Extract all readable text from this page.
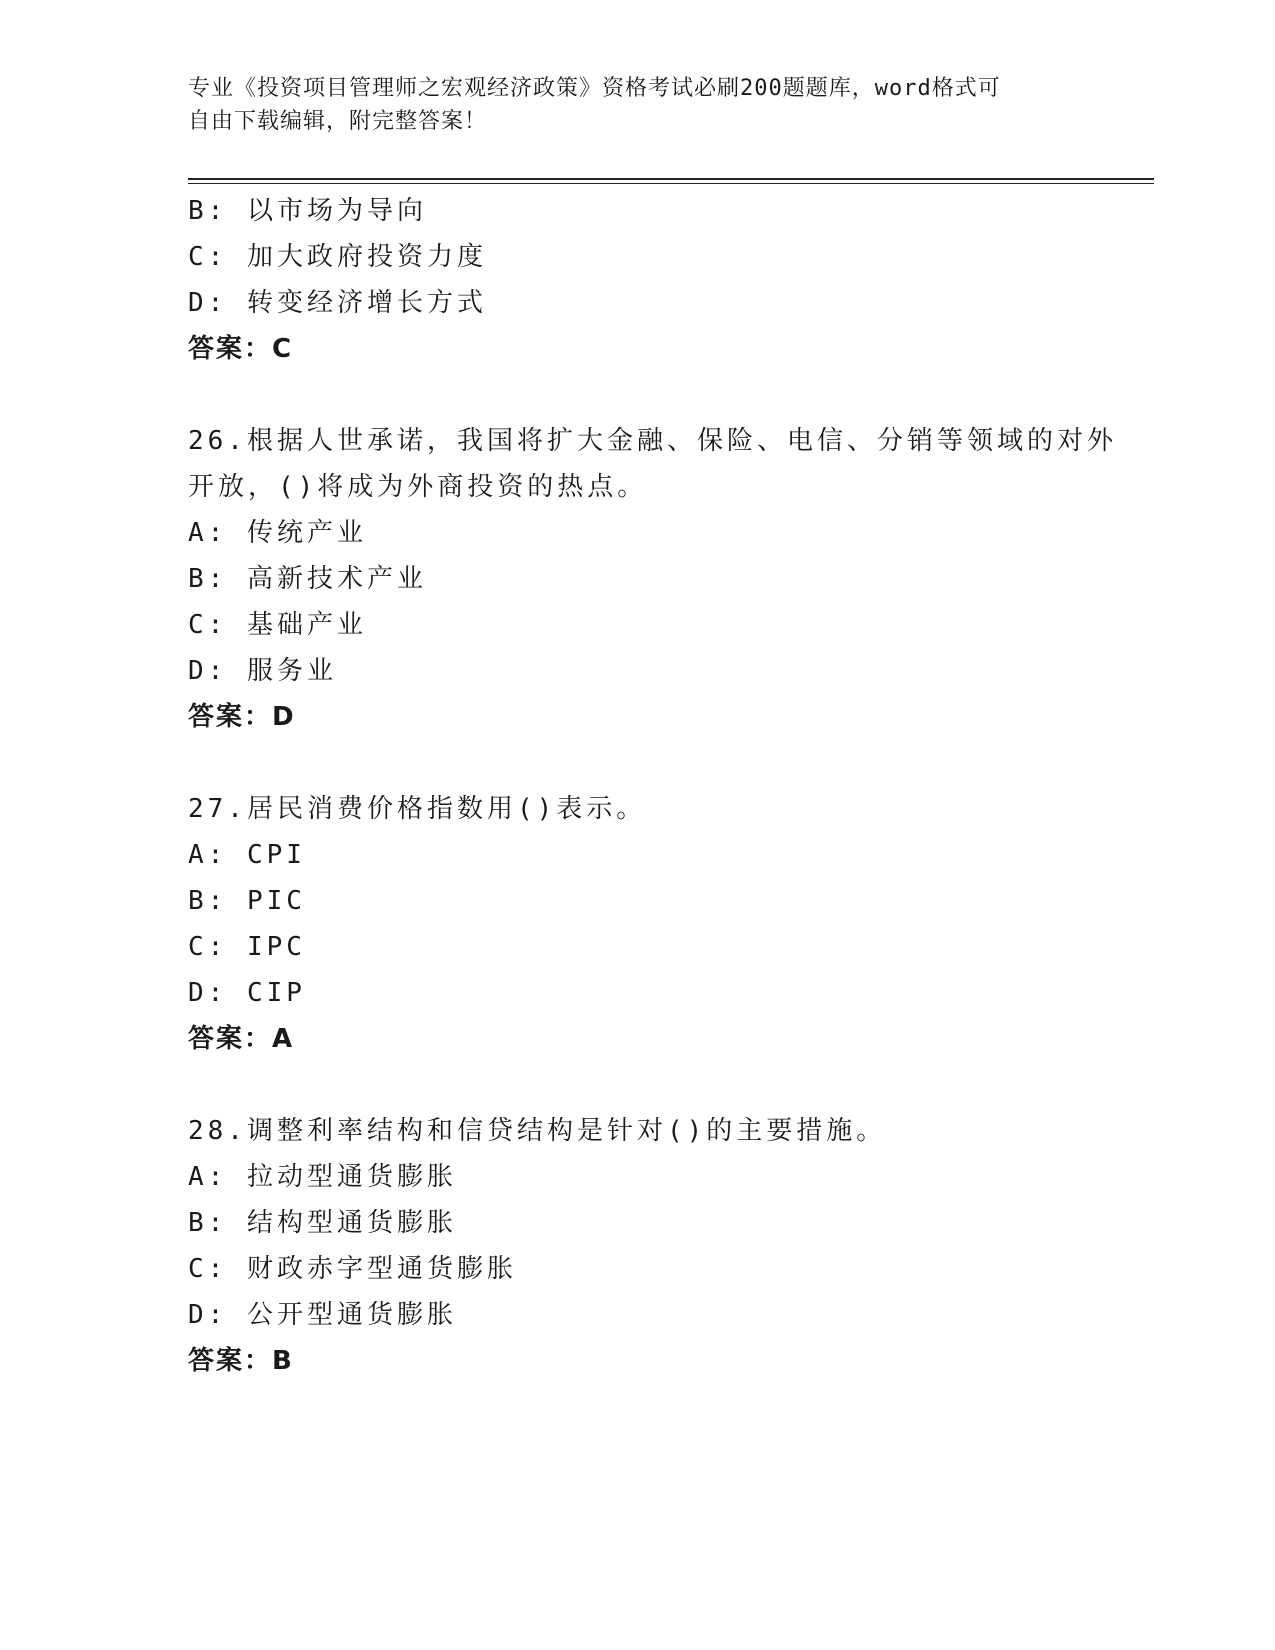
专业《投资项目管理师之宏观经济政策》资格考试必刷200题题库，word格式可
自由下载编辑，附完整答案！
B: 以市场为导向
C: 加大政府投资力度
D: 转变经济增长方式
答案：C
26.根据人世承诺，我国将扩大金融、保险、电信、分销等领域的对外
开放，()将成为外商投资的热点。
A: 传统产业
B: 高新技术产业
C: 基础产业
D: 服务业
答案：D
27.居民消费价格指数用()表示。
A: CPI
B: PIC
C: IPC
D: CIP
答案：A
28.调整利率结构和信贷结构是针对()的主要措施。
A: 拉动型通货膨胀
B: 结构型通货膨胀
C: 财政赤字型通货膨胀
D: 公开型通货膨胀
答案：B
